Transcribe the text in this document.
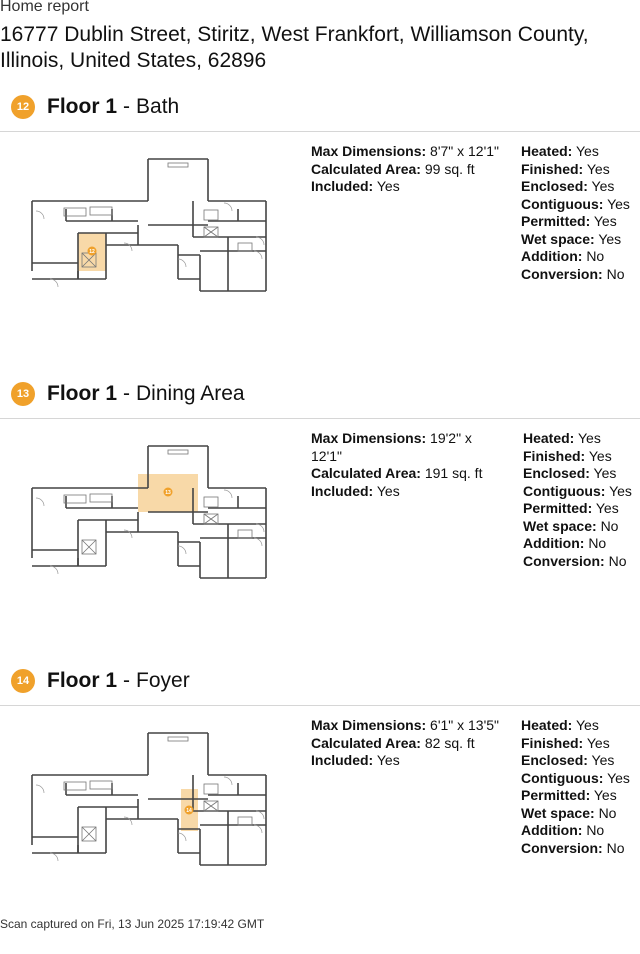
Home report
16777 Dublin Street, Stiritz, West Frankfort, Williamson County, Illinois, United States, 62896
12 Floor 1 - Bath
12
Max Dimensions: 8'7" x 12'1"
Calculated Area: 99 sq. ft
Included: Yes
Heated: Yes
Finished: Yes
Enclosed: Yes
Contiguous: Yes
Permitted: Yes
Wet space: Yes
Addition: No
Conversion: No
13 Floor 1 - Dining Area
13
Max Dimensions: 19'2" x 12'1"
Calculated Area: 191 sq. ft
Included: Yes
Heated: Yes
Finished: Yes
Enclosed: Yes
Contiguous: Yes
Permitted: Yes
Wet space: No
Addition: No
Conversion: No
14 Floor 1 - Foyer
14
Max Dimensions: 6'1" x 13'5"
Calculated Area: 82 sq. ft
Included: Yes
Heated: Yes
Finished: Yes
Enclosed: Yes
Contiguous: Yes
Permitted: Yes
Wet space: No
Addition: No
Conversion: No
Scan captured on Fri, 13 Jun 2025 17:19:42 GMT
